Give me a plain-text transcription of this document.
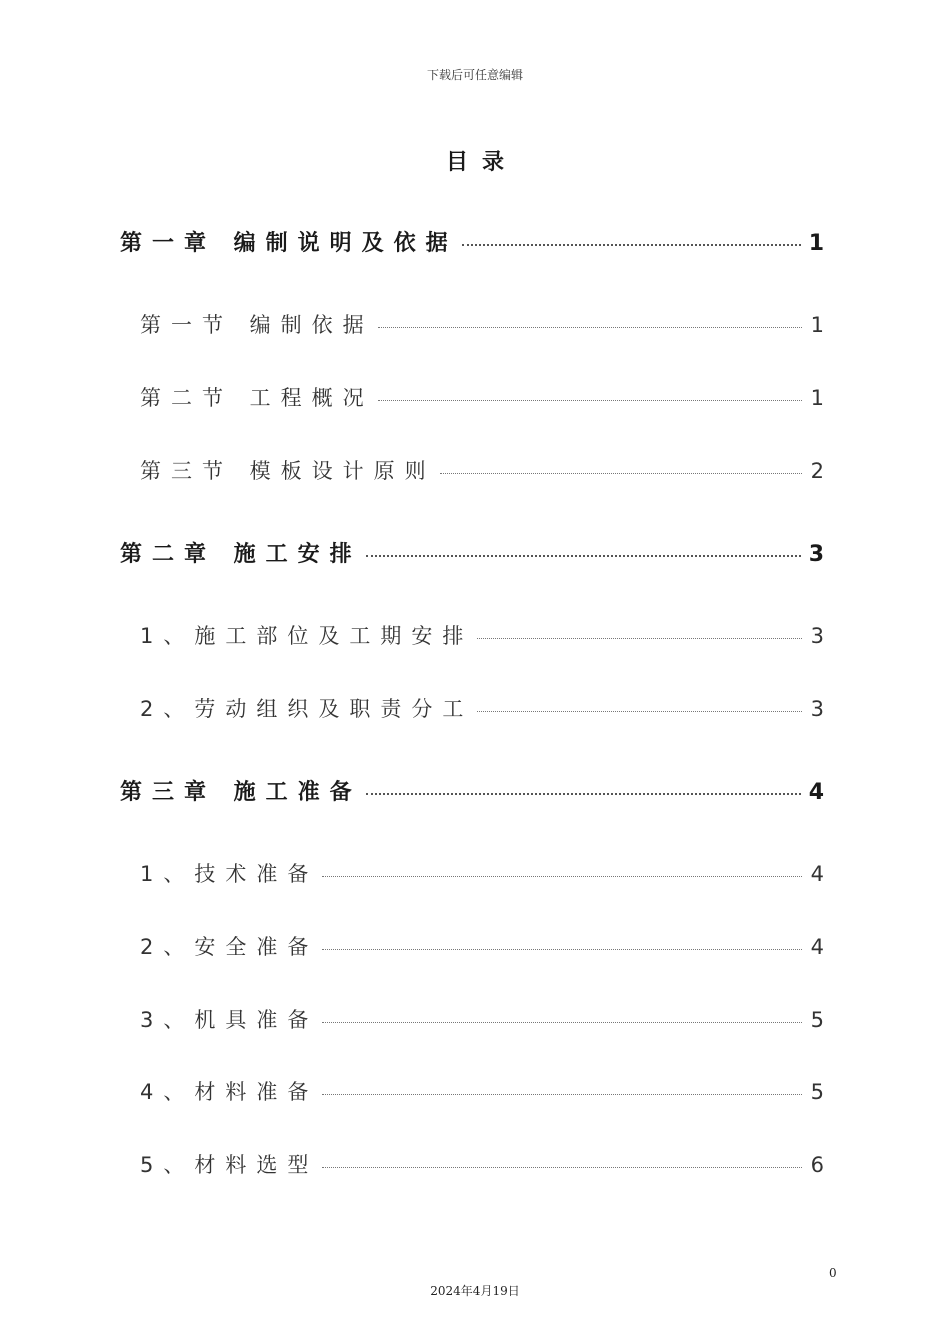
下载后可任意编辑
目录
第一章 编制说明及依据	1
第一节 编制依据	1
第二节 工程概况	1
第三节 模板设计原则	2
第二章 施工安排	3
1、施工部位及工期安排	3
2、劳动组织及职责分工	3
第三章 施工准备	4
1、技术准备	4
2、安全准备	4
3、机具准备	5
4、材料准备	5
5、材料选型	6
0
2024年4月19日
